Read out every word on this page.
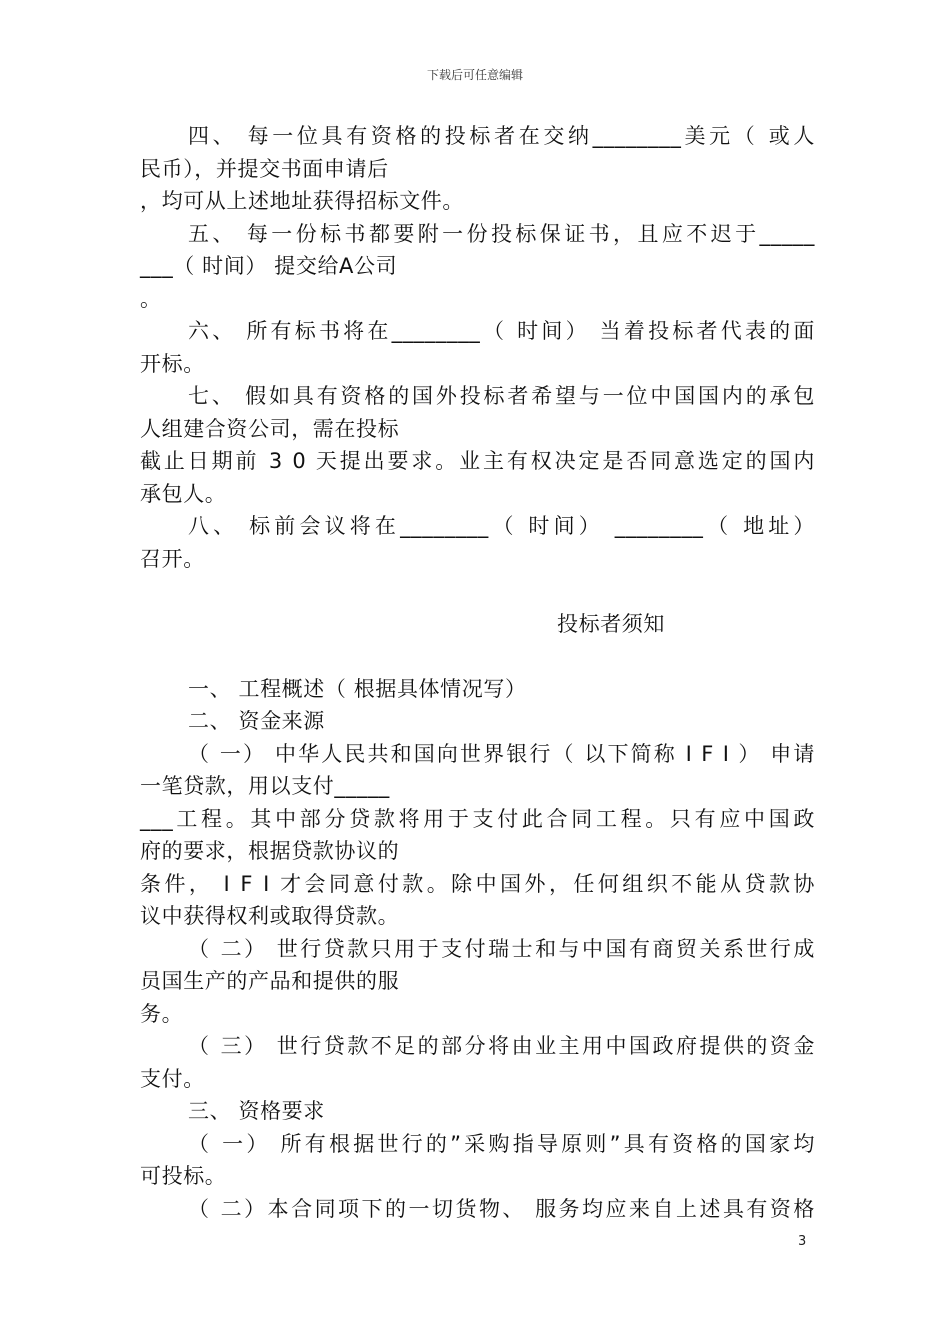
下载后可任意编辑
四、 每一位具有资格的投标者在交纳________美元（ 或人
民币），并提交书面申请后
，均可从上述地址获得招标文件。
五、 每一份标书都要附一份投标保证书，且应不迟于_____
___（ 时间） 提交给A公司
。
六、 所有标书将在________（ 时间） 当着投标者代表的面
开标。
七、 假如具有资格的国外投标者希望与一位中国国内的承包
人组建合资公司，需在投标
截止日期前 3 0 天提出要求。业主有权决定是否同意选定的国内
承包人。
八、 标前会议将在________（ 时间） ________（ 地址）
召开。
投标者须知
一、 工程概述（ 根据具体情况写）
二、 资金来源
（ 一） 中华人民共和国向世界银行（ 以下简称 I F I ） 申请
一笔贷款，用以支付_____
___工程。其中部分贷款将用于支付此合同工程。只有应中国政
府的要求，根据贷款协议的
条件， I F I 才会同意付款。除中国外，任何组织不能从贷款协
议中获得权利或取得贷款。
（ 二） 世行贷款只用于支付瑞士和与中国有商贸关系世行成
员国生产的产品和提供的服
务。
（ 三） 世行贷款不足的部分将由业主用中国政府提供的资金
支付。
三、 资格要求
（ 一） 所有根据世行的”采购指导原则”具有资格的国家均
可投标。
（ 二）本合同项下的一切货物、 服务均应来自上述具有资格
3
